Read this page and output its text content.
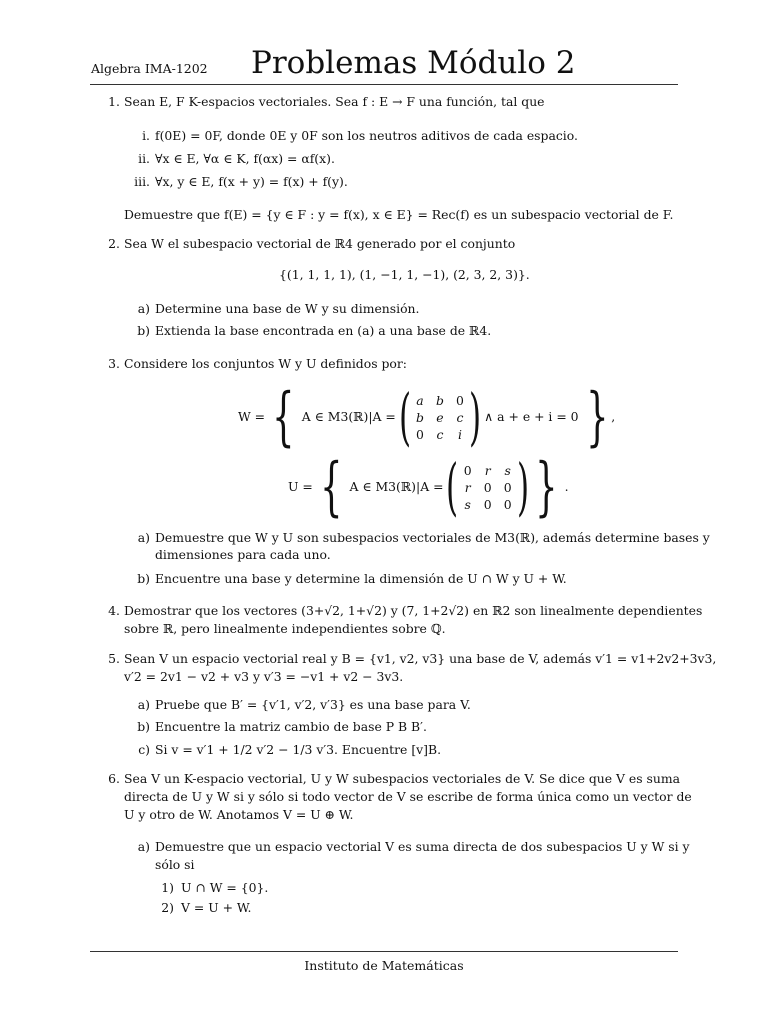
Algebra IMA-1202 Problemas Módulo 2
1. Sean E, F K-espacios vectoriales. Sea f : E → F una función, tal que
i. f(0E) = 0F, donde 0E y 0F son los neutros aditivos de cada espacio.
ii. ∀x ∈ E, ∀α ∈ K, f(αx) = αf(x).
iii. ∀x, y ∈ E, f(x + y) = f(x) + f(y).
Demuestre que f(E) = {y ∈ F : y = f(x), x ∈ E} = Rec(f) es un subespacio vectorial de F.
2. Sea W el subespacio vectorial de ℝ4 generado por el conjunto
{(1, 1, 1, 1), (1, −1, 1, −1), (2, 3, 2, 3)}.
a) Determine una base de W y su dimensión.
b) Extienda la base encontrada en (a) a una base de ℝ4.
3. Considere los conjuntos W y U definidos por:
W = { A ∈ M3(ℝ)|A = ( a b 0
b e	c
0	c	i ) ∧ a + e + i = 0 } ,
U = { A ∈ M3(ℝ)|A = ( 0	r	s
r	0 0
s	0 0 ) } .
a) Demuestre que W y U son subespacios vectoriales de M3(ℝ), además determine bases y
dimensiones para cada uno.
b) Encuentre una base y determine la dimensión de U ∩ W y U + W.
4. Demostrar que los vectores (3+√2, 1+√2) y (7, 1+2√2) en ℝ2 son linealmente dependientes
sobre ℝ, pero linealmente independientes sobre ℚ.
5. Sean V un espacio vectorial real y B = {v1, v2, v3} una base de V, además v′1 = v1+2v2+3v3,
v′2 = 2v1 − v2 + v3 y v′3 = −v1 + v2 − 3v3.
a) Pruebe que B′ = {v′1, v′2, v′3} es una base para V.
b) Encuentre la matriz cambio de base P B B′.
c) Si v = v′1 + 1/2 v′2 − 1/3 v′3. Encuentre [v]B.
6. Sea V un K-espacio vectorial, U y W subespacios vectoriales de V. Se dice que V es suma
directa de U y W si y sólo si todo vector de V se escribe de forma única como un vector de
U y otro de W. Anotamos V = U ⊕ W.
a) Demuestre que un espacio vectorial V es suma directa de dos subespacios U y W si y
sólo si
1) U ∩ W = {0}.
2) V = U + W.
Instituto de Matemáticas
